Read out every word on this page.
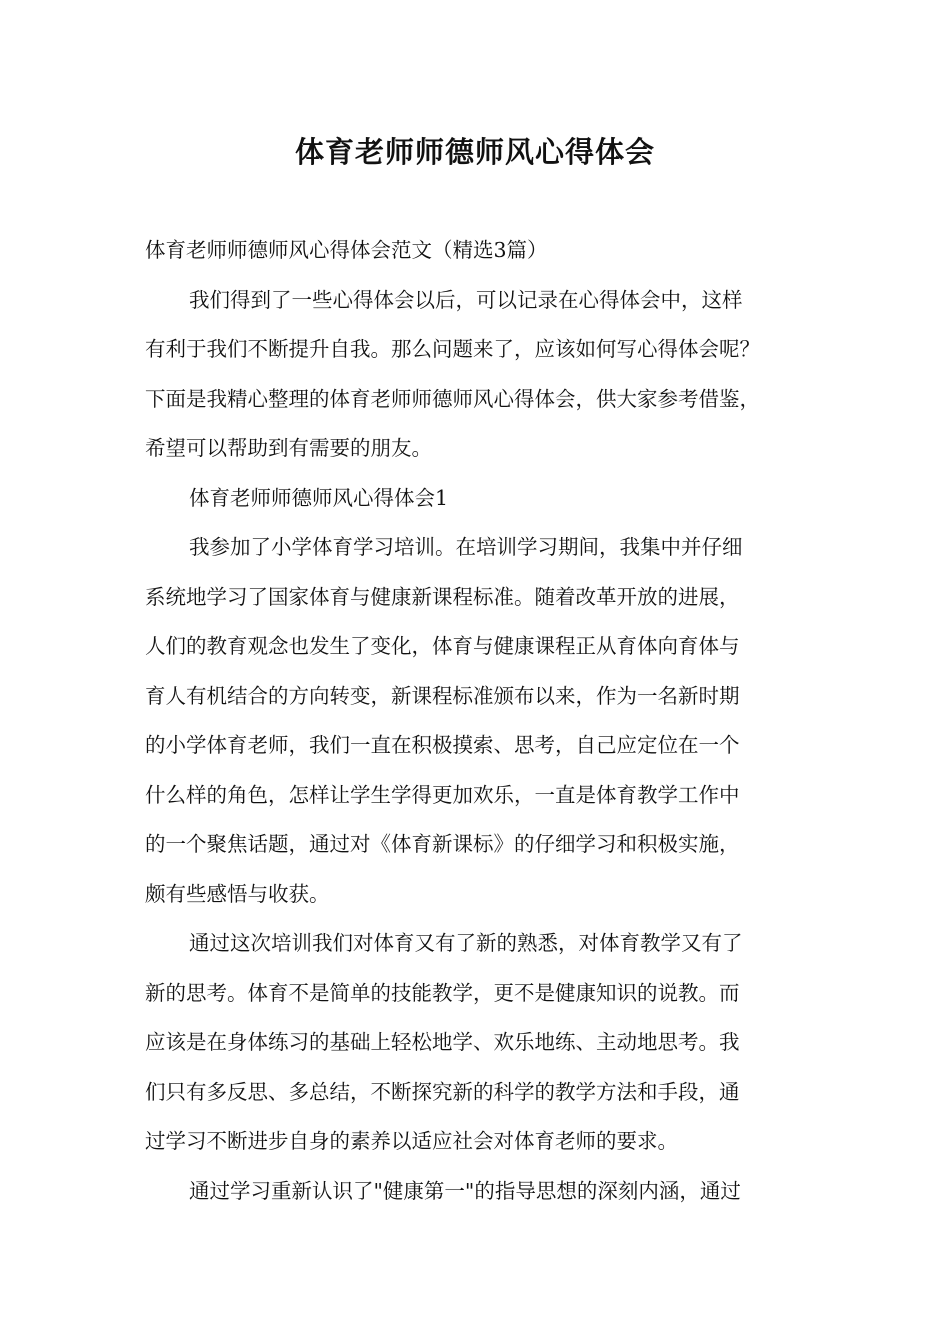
体育老师师德师风心得体会
体育老师师德师风心得体会范文（精选3篇）
我们得到了一些心得体会以后，可以记录在心得体会中，这样
有利于我们不断提升自我。那么问题来了，应该如何写心得体会呢？
下面是我精心整理的体育老师师德师风心得体会，供大家参考借鉴，
希望可以帮助到有需要的朋友。
体育老师师德师风心得体会1
我参加了小学体育学习培训。在培训学习期间，我集中并仔细
系统地学习了国家体育与健康新课程标准。随着改革开放的进展，
人们的教育观念也发生了变化，体育与健康课程正从育体向育体与
育人有机结合的方向转变，新课程标准颁布以来，作为一名新时期
的小学体育老师，我们一直在积极摸索、思考，自己应定位在一个
什么样的角色，怎样让学生学得更加欢乐，一直是体育教学工作中
的一个聚焦话题，通过对《体育新课标》的仔细学习和积极实施，
颇有些感悟与收获。
通过这次培训我们对体育又有了新的熟悉，对体育教学又有了
新的思考。体育不是简单的技能教学，更不是健康知识的说教。而
应该是在身体练习的基础上轻松地学、欢乐地练、主动地思考。我
们只有多反思、多总结，不断探究新的科学的教学方法和手段，通
过学习不断进步自身的素养以适应社会对体育老师的要求。
通过学习重新认识了"健康第一"的指导思想的深刻内涵，通过
